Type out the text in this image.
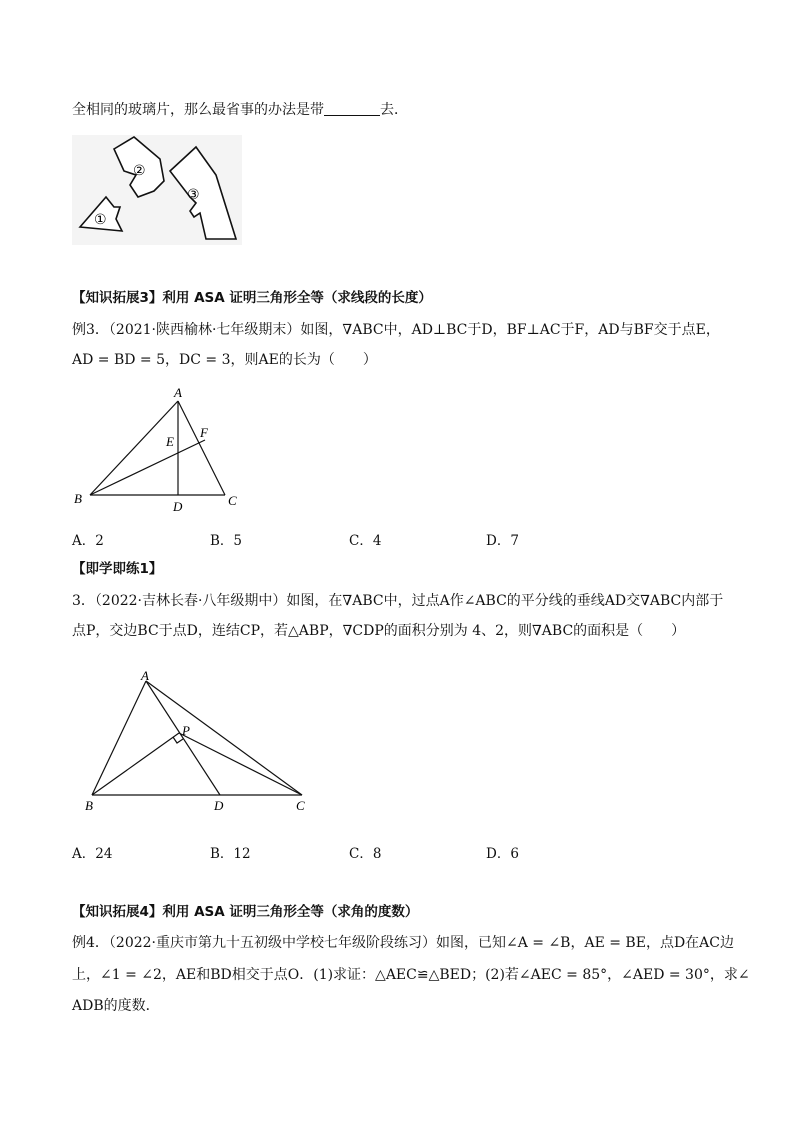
全相同的玻璃片，那么最省事的办法是带	去．
①
②
③
【知识拓展3】利用 ASA 证明三角形全等（求线段的长度）
例3．（2021·陕西榆林·七年级期末）如图，∇ABC中，AD⊥BC于D，BF⊥AC于F，AD与BF交于点E，
AD = BD = 5，DC = 3，则AE的长为（　　）
A
B	C
D
E
F
A．2	B．5	C．4	D．7
【即学即练1】
3．（2022·吉林长春·八年级期中）如图，在∇ABC中，过点A作∠ABC的平分线的垂线AD交∇ABC内部于
点P，交边BC于点D，连结CP，若△ABP，∇CDP的面积分别为 4、2，则∇ABC的面积是（　　）
A
P
B	D	C
A．24	B．12	C．8	D．6
【知识拓展4】利用 ASA 证明三角形全等（求角的度数）
例4．（2022·重庆市第九十五初级中学校七年级阶段练习）如图，已知∠A = ∠B，AE = BE，点D在AC边
上，∠1 = ∠2，AE和BD相交于点O．(1)求证：△AEC≌△BED；(2)若∠AEC = 85°，∠AED = 30°，求∠
ADB的度数．
